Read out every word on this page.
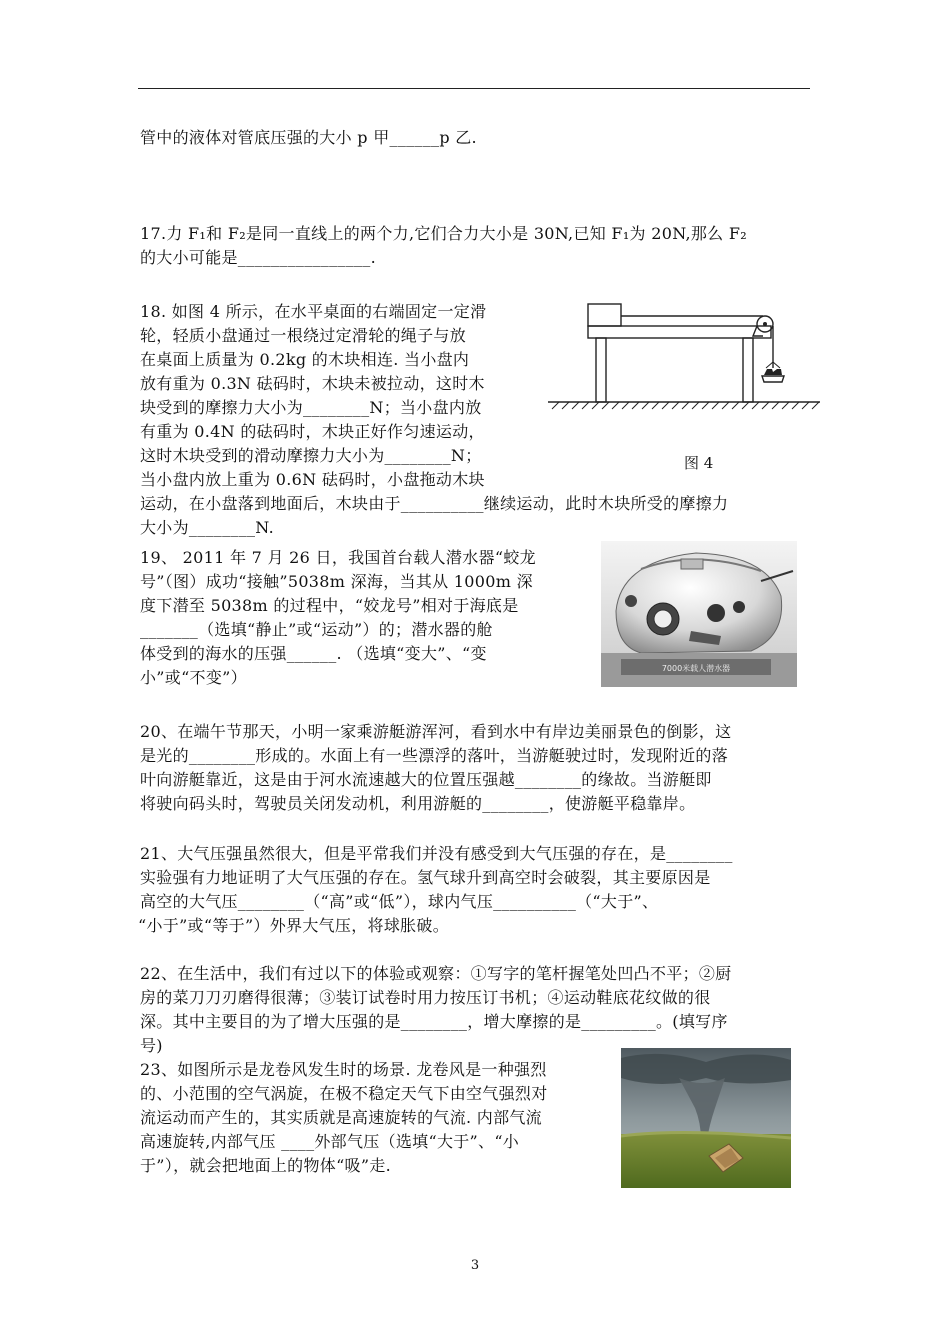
管中的液体对管底压强的大小 p 甲______p 乙.
17.力 F₁和 F₂是同一直线上的两个力,它们合力大小是 30N,已知 F₁为 20N,那么 F₂
的大小可能是________________.
18. 如图 4 所示，在水平桌面的右端固定一定滑
轮，轻质小盘通过一根绕过定滑轮的绳子与放
在桌面上质量为 0.2kg 的木块相连. 当小盘内
放有重为 0.3N 砝码时，木块未被拉动，这时木
块受到的摩擦力大小为________N；当小盘内放
有重为 0.4N 的砝码时，木块正好作匀速运动，
这时木块受到的滑动摩擦力大小为________N；
当小盘内放上重为 0.6N 砝码时，小盘拖动木块
运动，在小盘落到地面后，木块由于__________继续运动，此时木块所受的摩擦力
大小为________N.
图 4
19、 2011 年 7 月 26 日，我国首台载人潜水器“蛟龙
号”（图）成功“接触”5038m 深海，当其从 1000m 深
度下潜至 5038m 的过程中，“姣龙号”相对于海底是
_______（选填“静止”或“运动”）的；潜水器的舱
体受到的海水的压强______. （选填“变大”、“变
小”或“不变”）	7000米载人潜水器
20、在端午节那天，小明一家乘游艇游浑河，看到水中有岸边美丽景色的倒影，这
是光的________形成的。水面上有一些漂浮的落叶，当游艇驶过时，发现附近的落
叶向游艇靠近，这是由于河水流速越大的位置压强越________的缘故。当游艇即
将驶向码头时，驾驶员关闭发动机，利用游艇的________，使游艇平稳靠岸。
21、大气压强虽然很大，但是平常我们并没有感受到大气压强的存在，是________
实验强有力地证明了大气压强的存在。氢气球升到高空时会破裂，其主要原因是
高空的大气压________（“高”或“低”），球内气压__________（“大于”、
“小于”或“等于”）外界大气压，将球胀破。
22、在生活中，我们有过以下的体验或观察：①写字的笔杆握笔处凹凸不平；②厨
房的菜刀刀刃磨得很薄；③装订试卷时用力按压订书机；④运动鞋底花纹做的很
深。其中主要目的为了增大压强的是________，增大摩擦的是_________。(填写序
号)
23、如图所示是龙卷风发生时的场景. 龙卷风是一种强烈
的、小范围的空气涡旋，在极不稳定天气下由空气强烈对
流运动而产生的，其实质就是高速旋转的气流. 内部气流
高速旋转,内部气压 ____外部气压（选填“大于”、“小
于”），就会把地面上的物体“吸”走.
3
